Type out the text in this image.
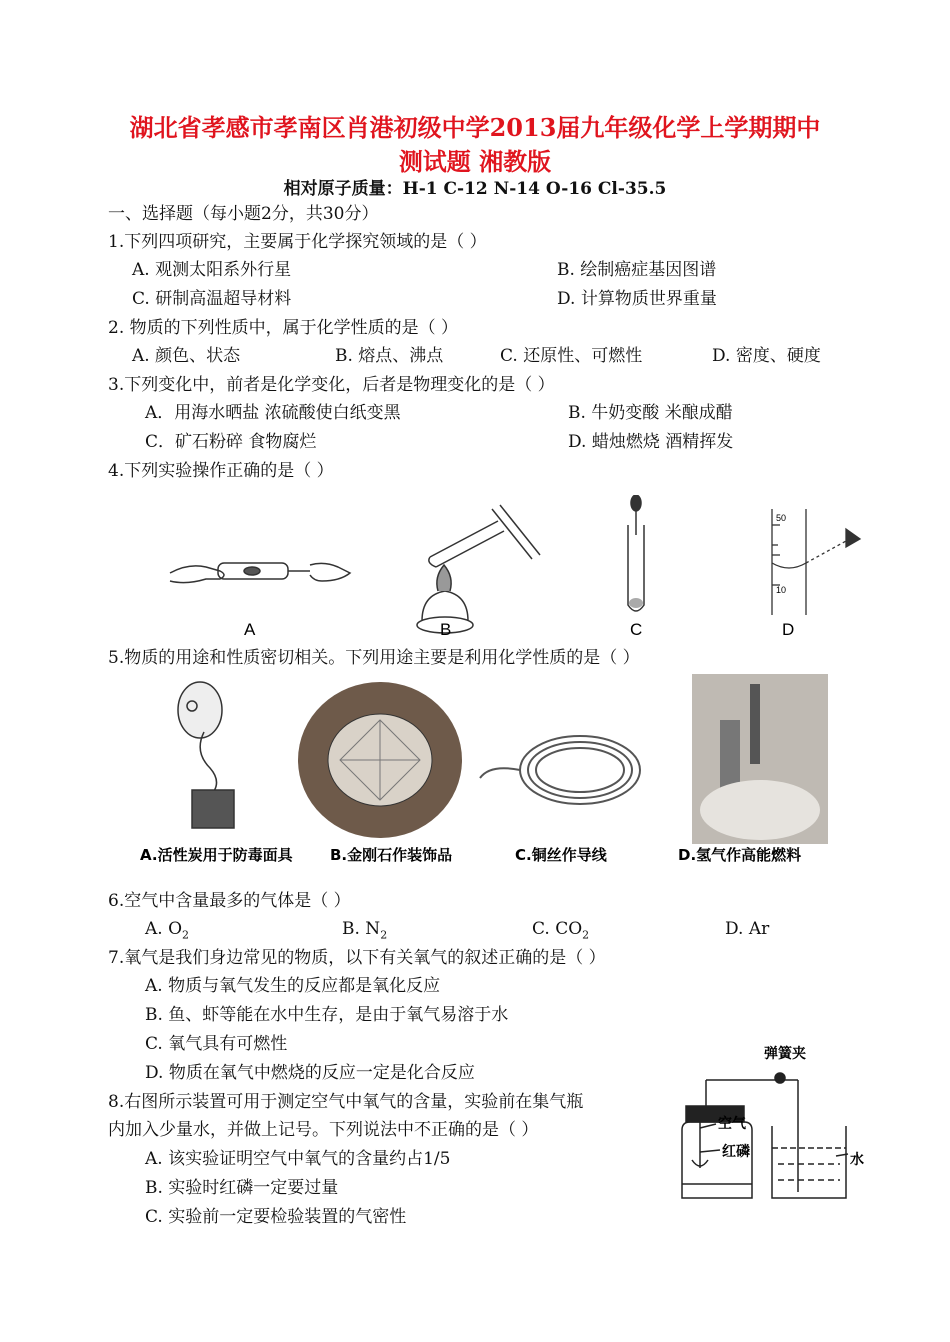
湖北省孝感市孝南区肖港初级中学2013届九年级化学上学期期中
测试题 湘教版
相对原子质量：H-1 C-12 N-14 O-16 Cl-35.5
一、选择题（每小题2分，共30分）
1.下列四项研究，主要属于化学探究领域的是（ ）
A. 观测太阳系外行星	B. 绘制癌症基因图谱
C. 研制高温超导材料	D. 计算物质世界重量
2. 物质的下列性质中，属于化学性质的是（ ）
A. 颜色、状态	B. 熔点、沸点	C. 还原性、可燃性	D. 密度、硬度
3.下列变化中，前者是化学变化，后者是物理变化的是（ ）
A．用海水晒盐 浓硫酸使白纸变黑	B. 牛奶变酸 米酿成醋
C．矿石粉碎 食物腐烂	D. 蜡烛燃烧 酒精挥发
4.下列实验操作正确的是（ ）
A	B	C
50
10
D
5.物质的用途和性质密切相关。下列用途主要是利用化学性质的是（ ）
A.活性炭用于防毒面具 B.金刚石作装饰品	C.铜丝作导线	D.氢气作高能燃料
6.空气中含量最多的气体是（ ）
A. $O_2$	B. $N_2$	C. $CO_2$	D. Ar
7.氧气是我们身边常见的物质，以下有关氧气的叙述正确的是（ ）
A. 物质与氧气发生的反应都是氧化反应
B. 鱼、虾等能在水中生存，是由于氧气易溶于水
C. 氧气具有可燃性
D. 物质在氧气中燃烧的反应一定是化合反应
8.右图所示装置可用于测定空气中氧气的含量，实验前在集气瓶
内加入少量水，并做上记号。下列说法中不正确的是（ ）
A. 该实验证明空气中氧气的含量约占1/5
B. 实验时红磷一定要过量
C. 实验前一定要检验装置的气密性
弹簧夹
空气
红磷	水
